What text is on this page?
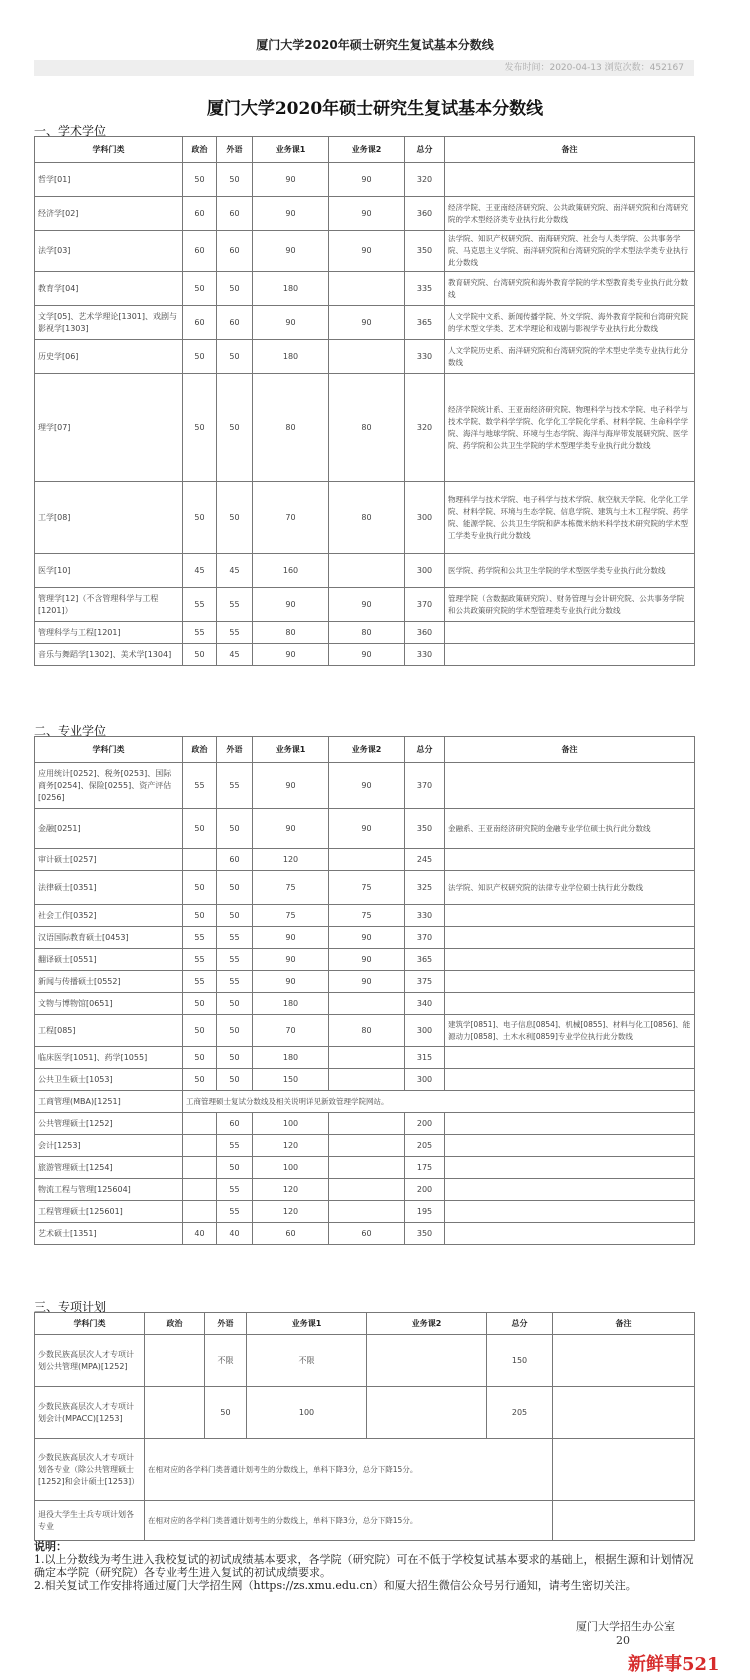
厦门大学2020年硕士研究生复试基本分数线
发布时间：2020-04-13 浏览次数：452167
厦门大学2020年硕士研究生复试基本分数线
一、学术学位
学科门类	政治	外语	业务课1	业务课2	总分	备注
哲学[01]	50	50	90	90	320	
经济学[02]	60	60	90	90	360	经济学院、王亚南经济研究院、公共政策研究院、南洋研究院和台湾研究院的学术型经济类专业执行此分数线
法学[03]	60	60	90	90	350	法学院、知识产权研究院、南海研究院、社会与人类学院、公共事务学院、马克思主义学院、南洋研究院和台湾研究院的学术型法学类专业执行此分数线
教育学[04]	50	50	180		335	教育研究院、台湾研究院和海外教育学院的学术型教育类专业执行此分数线
文学[05]、艺术学理论[1301]、戏剧与影视学[1303]	60	60	90	90	365	人文学院中文系、新闻传播学院、外文学院、海外教育学院和台湾研究院的学术型文学类、艺术学理论和戏剧与影视学专业执行此分数线
历史学[06]	50	50	180		330	人文学院历史系、南洋研究院和台湾研究院的学术型史学类专业执行此分数线
理学[07]	50	50	80	80	320	经济学院统计系、王亚南经济研究院、物理科学与技术学院、电子科学与技术学院、数学科学学院、化学化工学院化学系、材料学院、生命科学学院、海洋与地球学院、环境与生态学院、海洋与海岸带发展研究院、医学院、药学院和公共卫生学院的学术型理学类专业执行此分数线
工学[08]	50	50	70	80	300	物理科学与技术学院、电子科学与技术学院、航空航天学院、化学化工学院、材料学院、环境与生态学院、信息学院、建筑与土木工程学院、药学院、能源学院、公共卫生学院和萨本栋微米纳米科学技术研究院的学术型工学类专业执行此分数线
医学[10]	45	45	160		300	医学院、药学院和公共卫生学院的学术型医学类专业执行此分数线
管理学[12]（不含管理科学与工程[1201]）	55	55	90	90	370	管理学院（含数据政策研究院）、财务管理与会计研究院、公共事务学院和公共政策研究院的学术型管理类专业执行此分数线
管理科学与工程[1201]	55	55	80	80	360	
音乐与舞蹈学[1302]、美术学[1304]	50	45	90	90	330	
二、专业学位
学科门类	政治	外语	业务课1	业务课2	总分	备注
应用统计[0252]、税务[0253]、国际商务[0254]、保险[0255]、资产评估[0256]	55	55	90	90	370	
金融[0251]	50	50	90	90	350	金融系、王亚南经济研究院的金融专业学位硕士执行此分数线
审计硕士[0257]		60	120		245	
法律硕士[0351]	50	50	75	75	325	法学院、知识产权研究院的法律专业学位硕士执行此分数线
社会工作[0352]	50	50	75	75	330	
汉语国际教育硕士[0453]	55	55	90	90	370	
翻译硕士[0551]	55	55	90	90	365	
新闻与传播硕士[0552]	55	55	90	90	375	
文物与博物馆[0651]	50	50	180		340	
工程[085]	50	50	70	80	300	建筑学[0851]、电子信息[0854]、机械[0855]、材料与化工[0856]、能源动力[0858]、土木水利[0859]专业学位执行此分数线
临床医学[1051]、药学[1055]	50	50	180		315	
公共卫生硕士[1053]	50	50	150		300	
工商管理(MBA)[1251]	工商管理硕士复试分数线及相关说明详见新致管理学院网站。					
公共管理硕士[1252]		60	100		200	
会计[1253]		55	120		205	
旅游管理硕士[1254]		50	100		175	
物流工程与管理[125604]		55	120		200	
工程管理硕士[125601]		55	120		195	
艺术硕士[1351]	40	40	60	60	350	
三、专项计划
学科门类	政治	外语	业务课1	业务课2	总分	备注
少数民族高层次人才专项计划公共管理(MPA)[1252]		不限	不限		150	
少数民族高层次人才专项计划会计(MPACC)[1253]		50	100		205	
少数民族高层次人才专项计划各专业（除公共管理硕士[1252]和会计硕士[1253]）	在相对应的各学科门类普通计划考生的分数线上，单科下降3分，总分下降15分。					
退役大学生士兵专项计划各专业	在相对应的各学科门类普通计划考生的分数线上，单科下降3分，总分下降15分。					
说明：
1.以上分数线为考生进入我校复试的初试成绩基本要求，各学院（研究院）可在不低于学校复试基本要求的基础上，根据生源和计划情况确定本学院（研究院）各专业考生进入复试的初试成绩要求。
2.相关复试工作安排将通过厦门大学招生网（https://zs.xmu.edu.cn）和厦大招生微信公众号另行通知，请考生密切关注。
厦门大学招生办公室
20
新鲜事521
